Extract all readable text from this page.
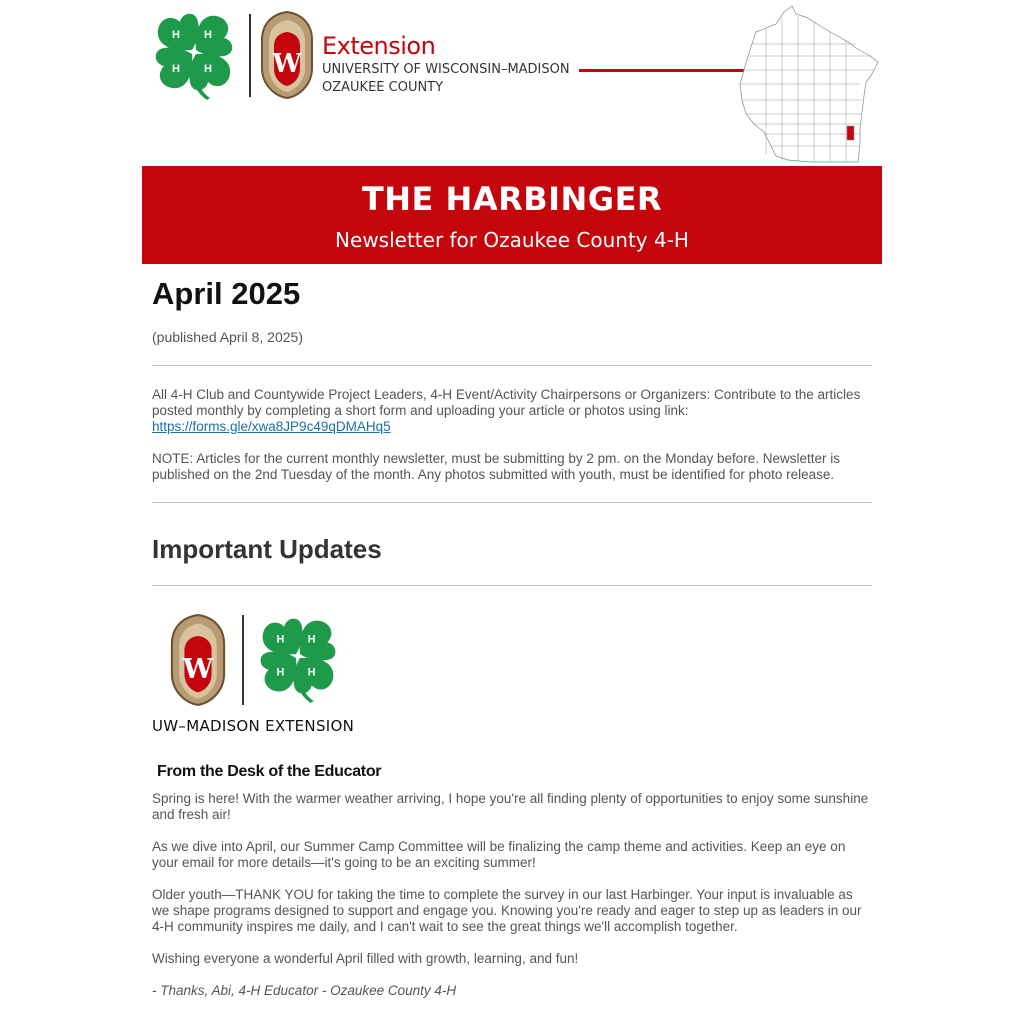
H H
H
H	W
Extension
UNIVERSITY OF WISCONSIN–MADISON
OZAUKEE COUNTY
THE HARBINGER
Newsletter for Ozaukee County 4-H
April 2025

(published April 8, 2025)

All 4-H Club and Countywide Project Leaders, 4-H Event/Activity Chairpersons or Organizers: Contribute to the articles posted monthly by completing a short form and uploading your article or photos using link: https://forms.gle/xwa8JP9c49qDMAHq5

NOTE: Articles for the current monthly newsletter, must be submitting by 2 pm. on the Monday before. Newsletter is published on the 2nd Tuesday of the month. Any photos submitted with youth, must be identified for photo release.

Important Updates
W
H H
H
H
UW–MADISON EXTENSION
From the Desk of the Educator

Spring is here! With the warmer weather arriving, I hope you're all finding plenty of opportunities to enjoy some sunshine and fresh air!

As we dive into April, our Summer Camp Committee will be finalizing the camp theme and activities. Keep an eye on your email for more details—it's going to be an exciting summer!

Older youth—THANK YOU for taking the time to complete the survey in our last Harbinger. Your input is invaluable as we shape programs designed to support and engage you. Knowing you're ready and eager to step up as leaders in our 4-H community inspires me daily, and I can't wait to see the great things we'll accomplish together.

Wishing everyone a wonderful April filled with growth, learning, and fun!

- Thanks, Abi, 4-H Educator - Ozaukee County 4-H
